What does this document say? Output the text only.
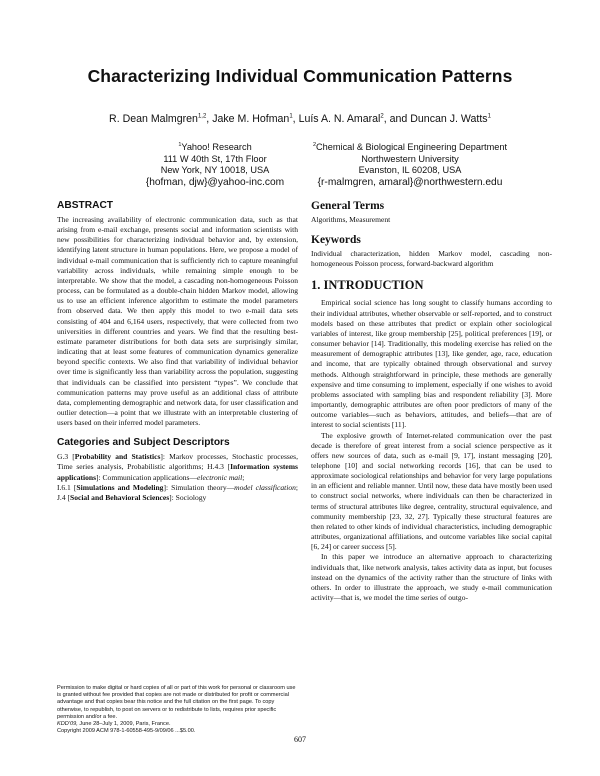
Characterizing Individual Communication Patterns
R. Dean Malmgren$^{1,2}$, Jake M. Hofman$^1$, Luís A. N. Amaral$^2$, and Duncan J. Watts$^1$
$^1$Yahoo! Research
111 W 40th St, 17th Floor
New York, NY 10018, USA
{hofman, djw}@yahoo-inc.com
$^2$Chemical & Biological Engineering Department
Northwestern University
Evanston, IL 60208, USA
{r-malmgren, amaral}@northwestern.edu
ABSTRACT

The increasing availability of electronic communication data, such as that arising from e-mail exchange, presents social and information scientists with new possibilities for characterizing individual behavior and, by extension, identifying latent structure in human populations. Here, we propose a model of individual e-mail communication that is sufficiently rich to capture meaningful variability across individuals, while remaining simple enough to be interpretable. We show that the model, a cascading non-homogeneous Poisson process, can be formulated as a double-chain hidden Markov model, allowing us to use an efficient inference algorithm to estimate the model parameters from observed data. We then apply this model to two e-mail data sets consisting of 404 and 6,164 users, respectively, that were collected from two universities in different countries and years. We find that the resulting best-estimate parameter distributions for both data sets are surprisingly similar, indicating that at least some features of communication dynamics generalize beyond specific contexts. We also find that variability of individual behavior over time is significantly less than variability across the population, suggesting that individuals can be classified into persistent “types”. We conclude that communication patterns may prove useful as an additional class of attribute data, complementing demographic and network data, for user classification and outlier detection—a point that we illustrate with an interpretable clustering of users based on their inferred model parameters.

Categories and Subject Descriptors

G.3 [Probability and Statistics]: Markov processes, Stochastic processes, Time series analysis, Probabilistic algorithms; H.4.3 [Information systems applications]: Communication applications—electronic mail;

I.6.1 [Simulations and Modeling]: Simulation theory—model classification; J.4 [Social and Behavioral Sciences]: Sociology

Permission to make digital or hard copies of all or part of this work for personal or classroom use is granted without fee provided that copies are not made or distributed for profit or commercial advantage and that copies bear this notice and the full citation on the first page. To copy otherwise, to republish, to post on servers or to redistribute to lists, requires prior specific permission and/or a fee.

KDD’09, June 28–July 1, 2009, Paris, France.

Copyright 2009 ACM 978-1-60558-495-9/09/06 ...$5.00.

General Terms

Algorithms, Measurement

Keywords

Individual characterization, hidden Markov model, cascading non-homogeneous Poisson process, forward-backward algorithm

1. INTRODUCTION

Empirical social science has long sought to classify humans according to their individual attributes, whether observable or self-reported, and to construct models based on these attributes that predict or explain other sociological variables of interest, like group membership [25], political preferences [19], or consumer behavior [14]. Traditionally, this modeling exercise has relied on the measurement of demographic attributes [13], like gender, age, race, education and income, that are typically obtained through observational and survey methods. Although straightforward in principle, these methods are generally expensive and time consuming to implement, especially if one wishes to avoid problems associated with sampling bias and respondent reliability [3]. More importantly, demographic attributes are often poor predictors of many of the outcome variables—such as behaviors, attitudes, and beliefs—that are of interest to social scientists [11].

The explosive growth of Internet-related communication over the past decade is therefore of great interest from a social science perspective as it offers new sources of data, such as e-mail [9, 17], instant messaging [20], telephone [10] and social networking records [16], that can be used to approximate sociological relationships and behavior for very large populations in an efficient and reliable manner. Until now, these data have mostly been used to construct social networks, where individuals can then be characterized in terms of structural attributes like degree, centrality, structural equivalence, and community membership [23, 32, 27]. Typically these structural features are then related to other kinds of individual characteristics, including demographic attributes, organizational affiliations, and outcome variables like social capital [6, 24] or career success [5].

In this paper we introduce an alternative approach to characterizing individuals that, like network analysis, takes activity data as input, but focuses instead on the dynamics of the activity rather than the structure of links with others. In order to illustrate the approach, we study e-mail communication activity—that is, we model the time series of outgo-

607
